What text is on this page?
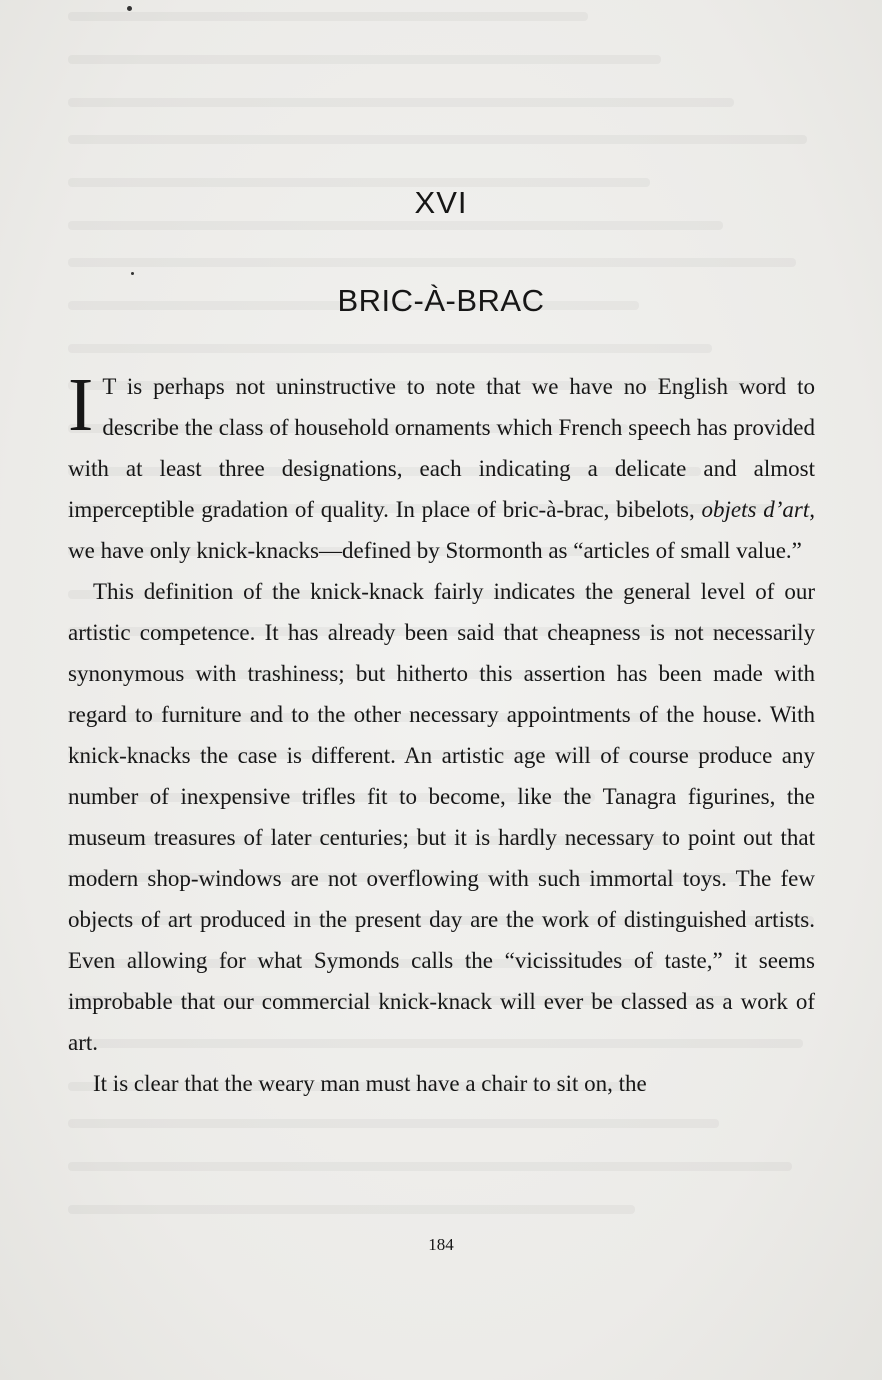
XVI
BRIC-À-BRAC

I T is perhaps not uninstructive to note that we have no English word to describe the class of household ornaments which French speech has provided with at least three designations, each indicating a delicate and almost imperceptible gradation of quality. In place of bric-à-brac, bibelots, objets d’art, we have only knick-knacks—defined by Stormonth as “articles of small value.”

This definition of the knick-knack fairly indicates the general level of our artistic competence. It has already been said that cheapness is not necessarily synonymous with trashiness; but hitherto this assertion has been made with regard to furniture and to the other necessary appointments of the house. With knick-knacks the case is different. An artistic age will of course produce any number of inexpensive trifles fit to become, like the Tanagra figurines, the museum treasures of later centuries; but it is hardly necessary to point out that modern shop-windows are not overflowing with such immortal toys. The few objects of art produced in the present day are the work of distinguished artists. Even allowing for what Symonds calls the “vicissitudes of taste,” it seems improbable that our commercial knick-knack will ever be classed as a work of art.

It is clear that the weary man must have a chair to sit on, the

184
